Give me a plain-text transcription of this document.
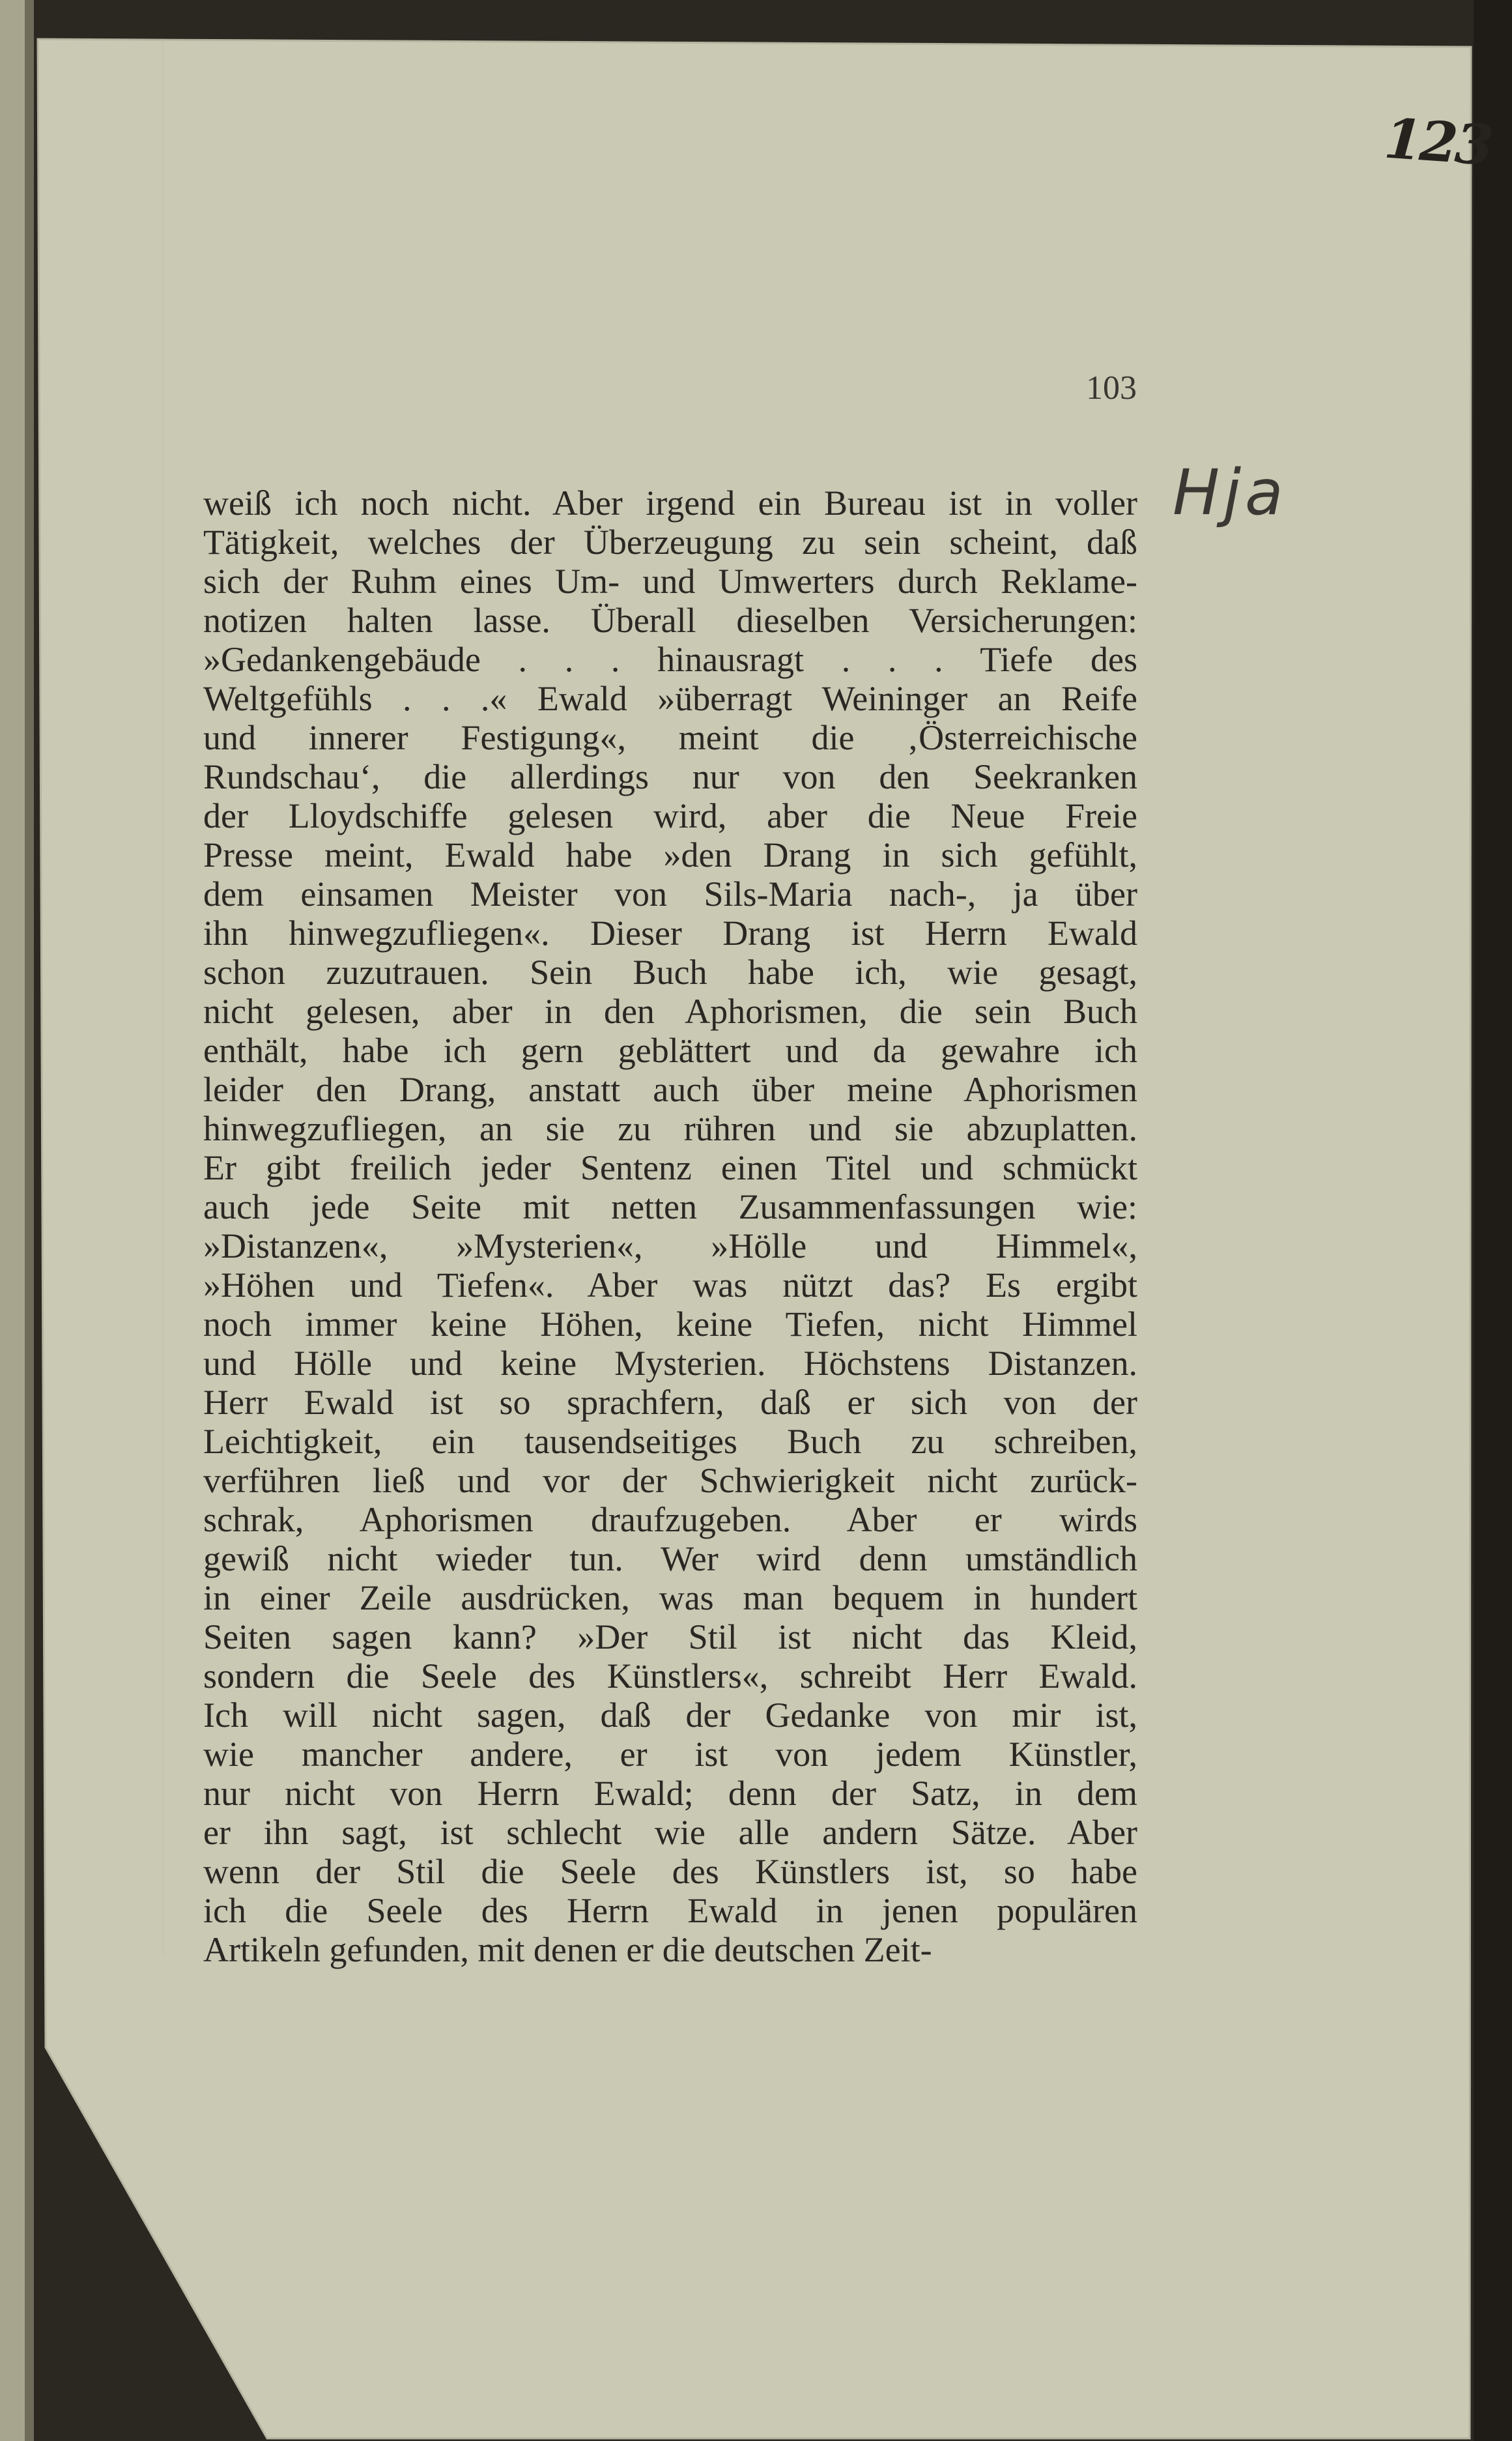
123
103
Hja
weiß ich noch nicht. Aber irgend ein Bureau ist in voller
Tätigkeit, welches der Überzeugung zu sein scheint, daß
sich der Ruhm eines Um- und Umwerters durch Reklame-
notizen halten lasse. Überall dieselben Versicherungen:
»Gedankengebäude . . . hinausragt . . . Tiefe des
Weltgefühls . . .« Ewald »überragt Weininger an Reife
und innerer Festigung«, meint die ‚Österreichische
Rundschau‘, die allerdings nur von den Seekranken
der Lloydschiffe gelesen wird, aber die Neue Freie
Presse meint, Ewald habe »den Drang in sich gefühlt,
dem einsamen Meister von Sils-Maria nach-, ja über
ihn hinwegzufliegen«. Dieser Drang ist Herrn Ewald
schon zuzutrauen. Sein Buch habe ich, wie gesagt,
nicht gelesen, aber in den Aphorismen, die sein Buch
enthält, habe ich gern geblättert und da gewahre ich
leider den Drang, anstatt auch über meine Aphorismen
hinwegzufliegen, an sie zu rühren und sie abzuplatten.
Er gibt freilich jeder Sentenz einen Titel und schmückt
auch jede Seite mit netten Zusammenfassungen wie:
»Distanzen«, »Mysterien«, »Hölle und Himmel«,
»Höhen und Tiefen«. Aber was nützt das? Es ergibt
noch immer keine Höhen, keine Tiefen, nicht Himmel
und Hölle und keine Mysterien. Höchstens Distanzen.
Herr Ewald ist so sprachfern, daß er sich von der
Leichtigkeit, ein tausendseitiges Buch zu schreiben,
verführen ließ und vor der Schwierigkeit nicht zurück-
schrak, Aphorismen draufzugeben. Aber er wirds
gewiß nicht wieder tun. Wer wird denn umständlich
in einer Zeile ausdrücken, was man bequem in hundert
Seiten sagen kann? »Der Stil ist nicht das Kleid,
sondern die Seele des Künstlers«, schreibt Herr Ewald.
Ich will nicht sagen, daß der Gedanke von mir ist,
wie mancher andere, er ist von jedem Künstler,
nur nicht von Herrn Ewald; denn der Satz, in dem
er ihn sagt, ist schlecht wie alle andern Sätze. Aber
wenn der Stil die Seele des Künstlers ist, so habe
ich die Seele des Herrn Ewald in jenen populären
Artikeln gefunden, mit denen er die deutschen Zeit-
